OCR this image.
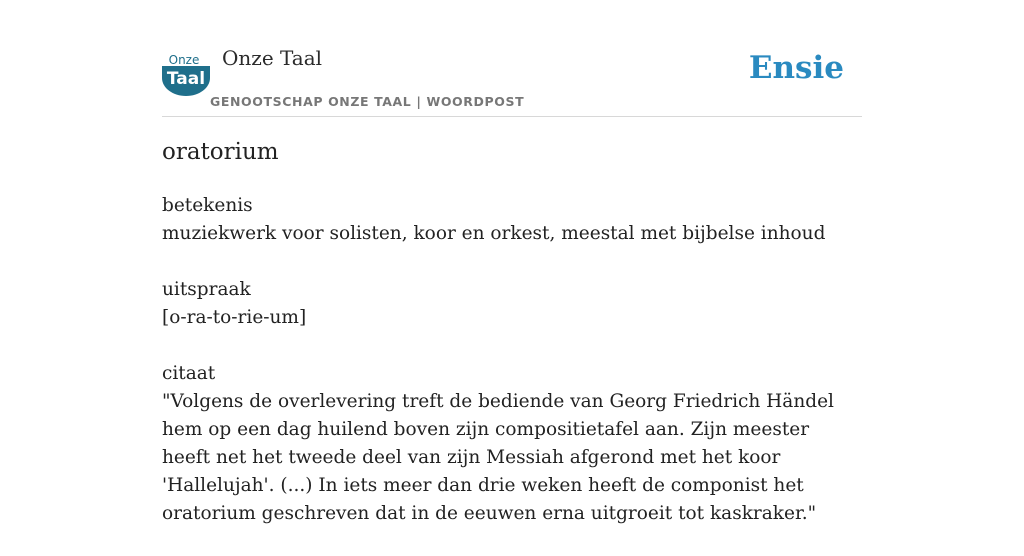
Onze
Taal
Onze Taal
GENOOTSCHAP ONZE TAAL | WOORDPOST
Ensie
oratorium

betekenis

muziekwerk voor solisten, koor en orkest, meestal met bijbelse inhoud

uitspraak

[o-ra-to-rie-um]

citaat

"Volgens de overlevering treft de bediende van Georg Friedrich Händel hem op een dag huilend boven zijn compositietafel aan. Zijn meester heeft net het tweede deel van zijn Messiah afgerond met het koor 'Hallelujah'. (...) In iets meer dan drie weken heeft de componist het oratorium geschreven dat in de eeuwen erna uitgroeit tot kaskraker."
